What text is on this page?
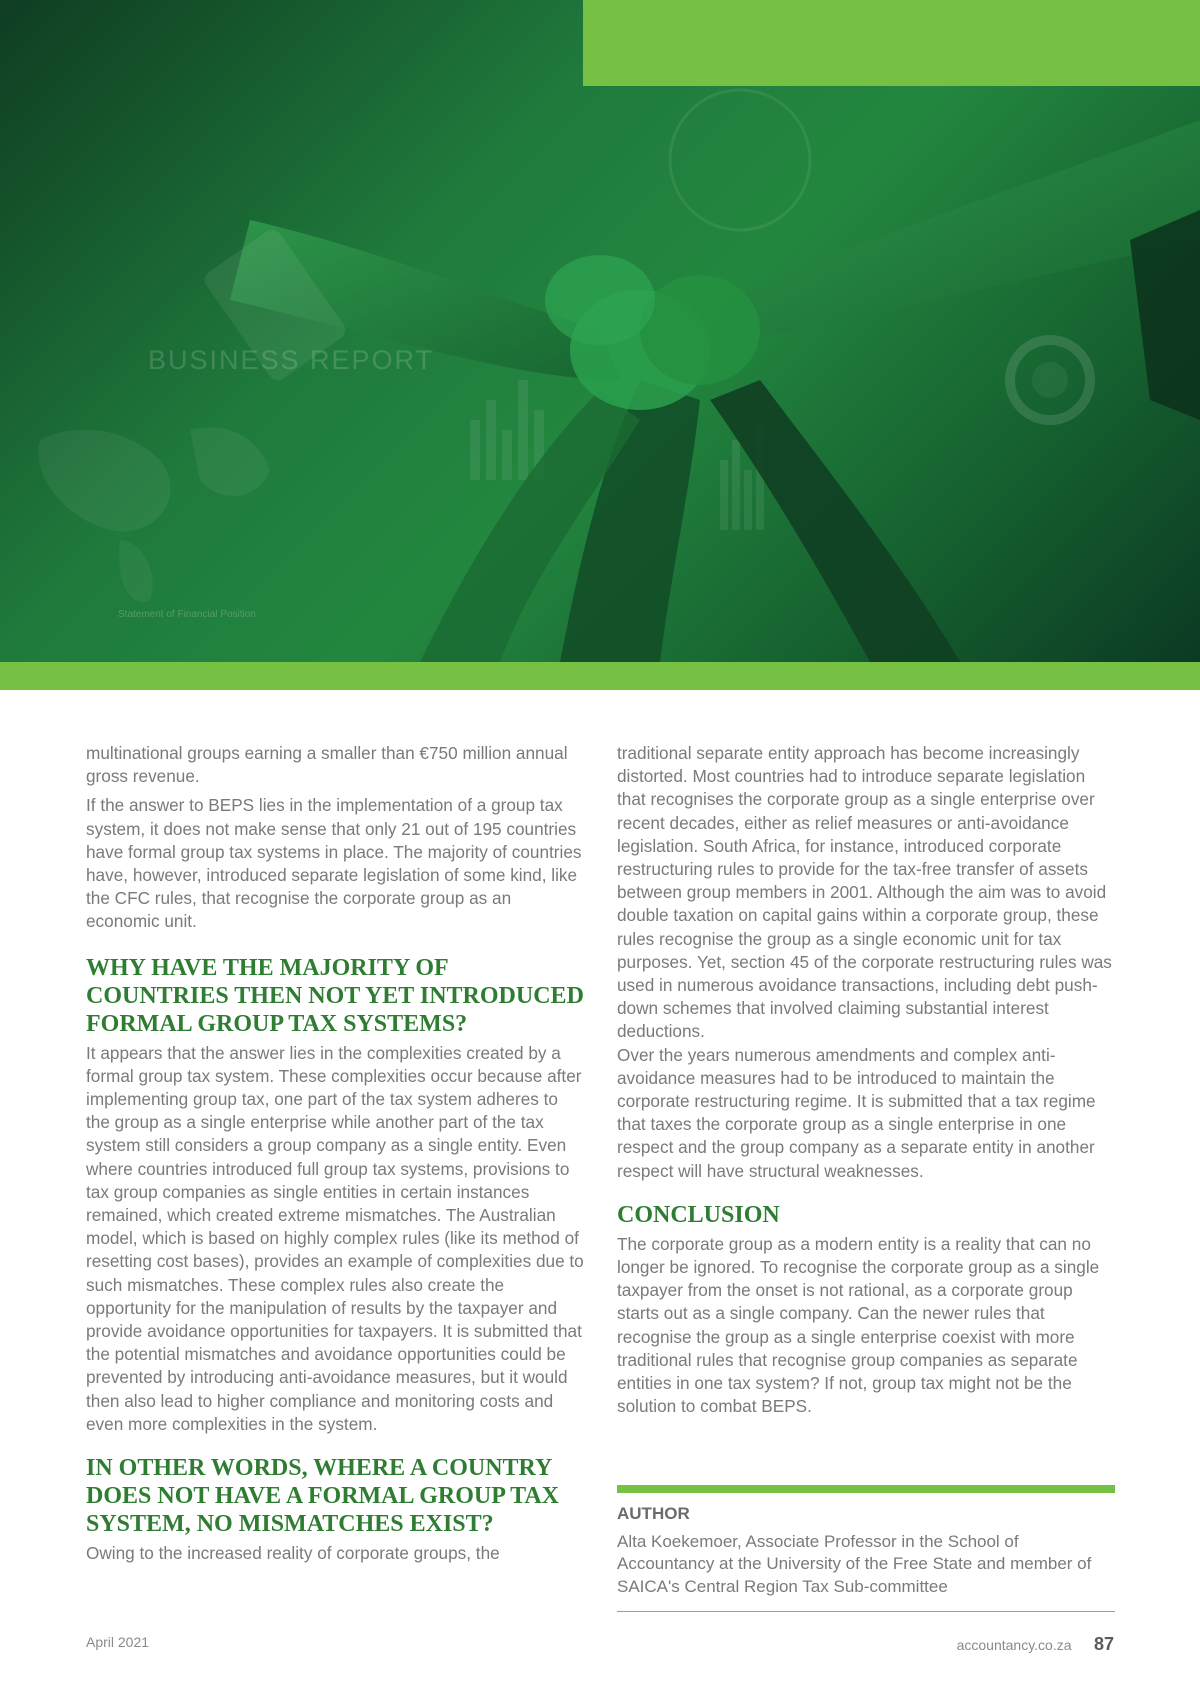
BUSINESS REPORT
Statement of Financial Position

multinational groups earning a smaller than €750 million annual gross revenue.

If the answer to BEPS lies in the implementation of a group tax system, it does not make sense that only 21 out of 195 countries have formal group tax systems in place. The majority of countries have, however, introduced separate legislation of some kind, like the CFC rules, that recognise the corporate group as an economic unit.

WHY HAVE THE MAJORITY OF COUNTRIES THEN NOT YET INTRODUCED FORMAL GROUP TAX SYSTEMS?

It appears that the answer lies in the complexities created by a formal group tax system. These complexities occur because after implementing group tax, one part of the tax system adheres to the group as a single enterprise while another part of the tax system still considers a group company as a single entity. Even where countries introduced full group tax systems, provisions to tax group companies as single entities in certain instances remained, which created extreme mismatches. The Australian model, which is based on highly complex rules (like its method of resetting cost bases), provides an example of complexities due to such mismatches. These complex rules also create the opportunity for the manipulation of results by the taxpayer and provide avoidance opportunities for taxpayers. It is submitted that the potential mismatches and avoidance opportunities could be prevented by introducing anti-avoidance measures, but it would then also lead to higher compliance and monitoring costs and even more complexities in the system.

IN OTHER WORDS, WHERE A COUNTRY DOES NOT HAVE A FORMAL GROUP TAX SYSTEM, NO MISMATCHES EXIST?

Owing to the increased reality of corporate groups, the

traditional separate entity approach has become increasingly distorted. Most countries had to introduce separate legislation that recognises the corporate group as a single enterprise over recent decades, either as relief measures or anti-avoidance legislation. South Africa, for instance, introduced corporate restructuring rules to provide for the tax-free transfer of assets between group members in 2001. Although the aim was to avoid double taxation on capital gains within a corporate group, these rules recognise the group as a single economic unit for tax purposes. Yet, section 45 of the corporate restructuring rules was used in numerous avoidance transactions, including debt push-down schemes that involved claiming substantial interest deductions.

Over the years numerous amendments and complex anti-avoidance measures had to be introduced to maintain the corporate restructuring regime. It is submitted that a tax regime that taxes the corporate group as a single enterprise in one respect and the group company as a separate entity in another respect will have structural weaknesses.

CONCLUSION

The corporate group as a modern entity is a reality that can no longer be ignored. To recognise the corporate group as a single taxpayer from the onset is not rational, as a corporate group starts out as a single company. Can the newer rules that recognise the group as a single enterprise coexist with more traditional rules that recognise group companies as separate entities in one tax system? If not, group tax might not be the solution to combat BEPS.

AUTHOR
Alta Koekemoer, Associate Professor in the School of Accountancy at the University of the Free State and member of SAICA's Central Region Tax Sub-committee
April 2021	accountancy.co.za 87
